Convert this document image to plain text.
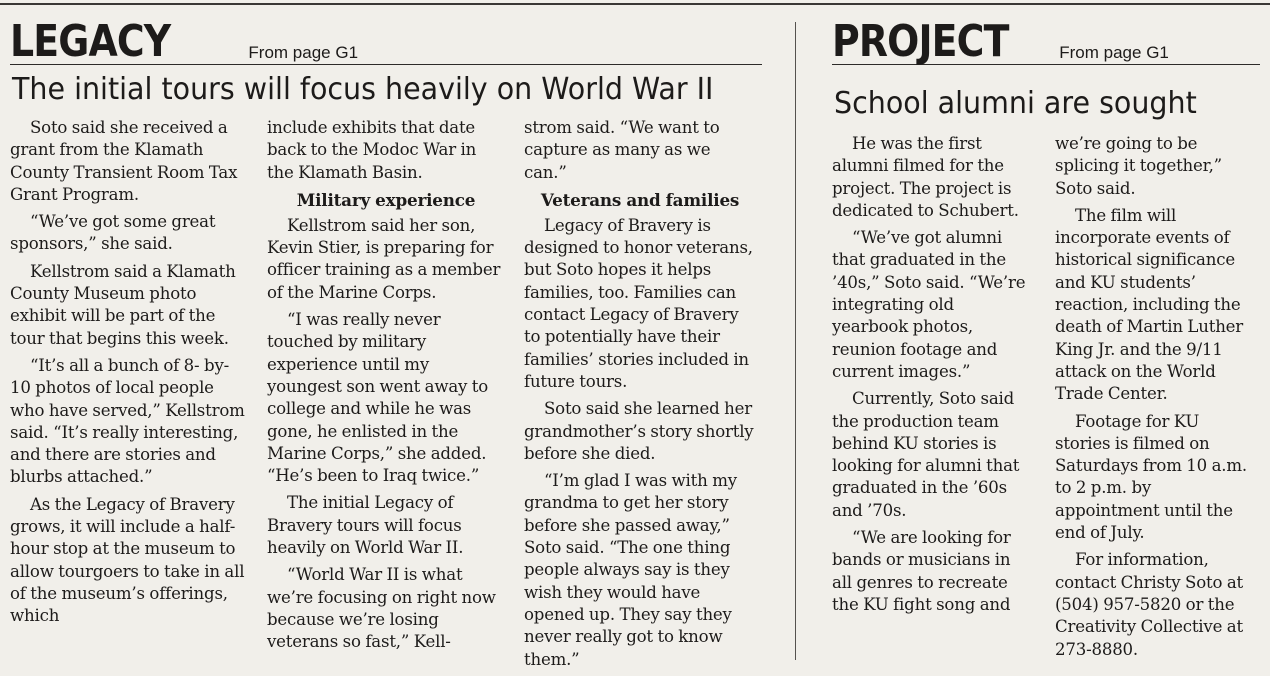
LEGACY	From page G1
The initial tours will focus heavily on World War II

Soto said she received a grant from the Klamath County Transient Room Tax Grant Program.

“We’ve got some great sponsors,” she said.

Kellstrom said a Klamath County Museum photo exhibit will be part of the tour that begins this week.

“It’s all a bunch of 8- by-10 photos of local people who have served,” Kellstrom said. “It’s really interesting, and there are stories and blurbs attached.”

As the Legacy of Bravery grows, it will include a half-hour stop at the museum to allow tourgoers to take in all of the museum’s offerings, which

include exhibits that date back to the Modoc War in the Klamath Basin.

Military experience

Kellstrom said her son, Kevin Stier, is preparing for officer training as a member of the Marine Corps.

“I was really never touched by military experience until my youngest son went away to college and while he was gone, he enlisted in the Marine Corps,” she added. “He’s been to Iraq twice.”

The initial Legacy of Bravery tours will focus heavily on World War II.

“World War II is what we’re focusing on right now because we’re losing veterans so fast,” Kell-

strom said. “We want to capture as many as we can.”

Veterans and families

Legacy of Bravery is designed to honor veterans, but Soto hopes it helps families, too. Families can contact Legacy of Bravery to potentially have their families’ stories included in future tours.

Soto said she learned her grandmother’s story shortly before she died.

“I’m glad I was with my grandma to get her story before she passed away,” Soto said. “The one thing people always say is they wish they would have opened up. They say they never really got to know them.”

PROJECT	From page G1
School alumni are sought

He was the first alumni filmed for the project. The project is dedicated to Schubert.

“We’ve got alumni that graduated in the ’40s,” Soto said. “We’re integrating old yearbook photos, reunion footage and current images.”

Currently, Soto said the production team behind KU stories is looking for alumni that graduated in the ’60s and ’70s.

“We are looking for bands or musicians in all genres to recreate the KU fight song and

we’re going to be splicing it together,” Soto said.

The film will incorporate events of historical significance and KU students’ reaction, including the death of Martin Luther King Jr. and the 9/11 attack on the World Trade Center.

Footage for KU stories is filmed on Saturdays from 10 a.m. to 2 p.m. by appointment until the end of July.

For information, contact Christy Soto at (504) 957-5820 or the Creativity Collective at 273-8880.
